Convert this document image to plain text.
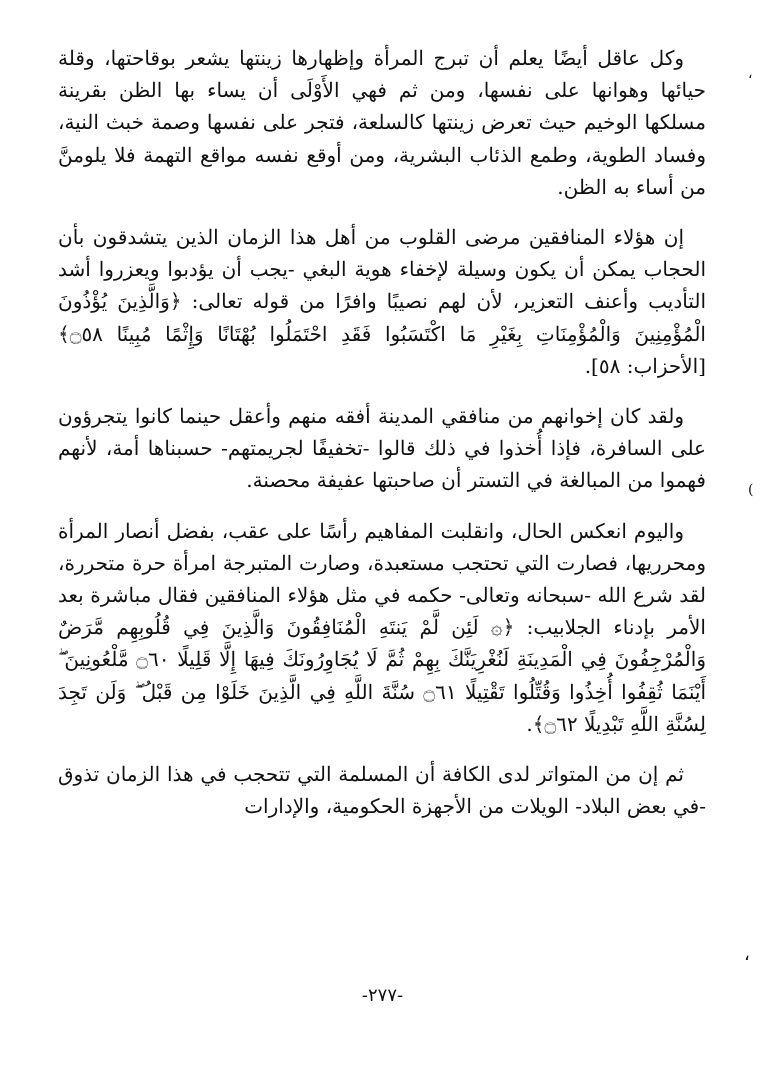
وكل عاقل أيضًا يعلم أن تبرج المرأة وإظهارها زينتها يشعر بوقاحتها، وقلة حيائها وهوانها على نفسها، ومن ثم فهي الأَوْلَى أن يساء بها الظن بقرينة مسلكها الوخيم حيث تعرض زينتها كالسلعة، فتجر على نفسها وصمة خبث النية، وفساد الطوية، وطمع الذئاب البشرية، ومن أوقع نفسه مواقع التهمة فلا يلومنَّ من أساء به الظن.

إن هؤلاء المنافقين مرضى القلوب من أهل هذا الزمان الذين يتشدقون بأن الحجاب يمكن أن يكون وسيلة لإخفاء هوية البغي -يجب أن يؤدبوا ويعزروا أشد التأديب وأعنف التعزير، لأن لهم نصيبًا وافرًا من قوله تعالى: ﴿وَالَّذِينَ يُؤْذُونَ الْمُؤْمِنِينَ وَالْمُؤْمِنَاتِ بِغَيْرِ مَا اكْتَسَبُوا فَقَدِ احْتَمَلُوا بُهْتَانًا وَإِثْمًا مُبِينًا ۝٥٨﴾ [الأحزاب: ٥٨].

ولقد كان إخوانهم من منافقي المدينة أفقه منهم وأعقل حينما كانوا يتجرؤون على السافرة، فإذا أُخذوا في ذلك قالوا -تخفيفًا لجريمتهم- حسبناها أمة، لأنهم فهموا من المبالغة في التستر أن صاحبتها عفيفة محصنة.

واليوم انعكس الحال، وانقلبت المفاهيم رأسًا على عقب، بفضل أنصار المرأة ومحرريها، فصارت التي تحتجب مستعبدة، وصارت المتبرجة امرأة حرة متحررة، لقد شرع الله -سبحانه وتعالى- حكمه في مثل هؤلاء المنافقين فقال مباشرة بعد الأمر بإدناء الجلابيب: ﴿۞ لَئِن لَّمْ يَنتَهِ الْمُنَافِقُونَ وَالَّذِينَ فِي قُلُوبِهِم مَّرَضٌ وَالْمُرْجِفُونَ فِي الْمَدِينَةِ لَنُغْرِيَنَّكَ بِهِمْ ثُمَّ لَا يُجَاوِرُونَكَ فِيهَا إِلَّا قَلِيلًا ۝٦٠ مَّلْعُونِينَ ۖ أَيْنَمَا ثُقِفُوا أُخِذُوا وَقُتِّلُوا تَقْتِيلًا ۝٦١ سُنَّةَ اللَّهِ فِي الَّذِينَ خَلَوْا مِن قَبْلُ ۖ وَلَن تَجِدَ لِسُنَّةِ اللَّهِ تَبْدِيلًا ۝٦٢﴾.

ثم إن من المتواتر لدى الكافة أن المسلمة التي تتحجب في هذا الزمان تذوق -في بعض البلاد- الويلات من الأجهزة الحكومية، والإدارات

-٢٧٧-
،
(
،
